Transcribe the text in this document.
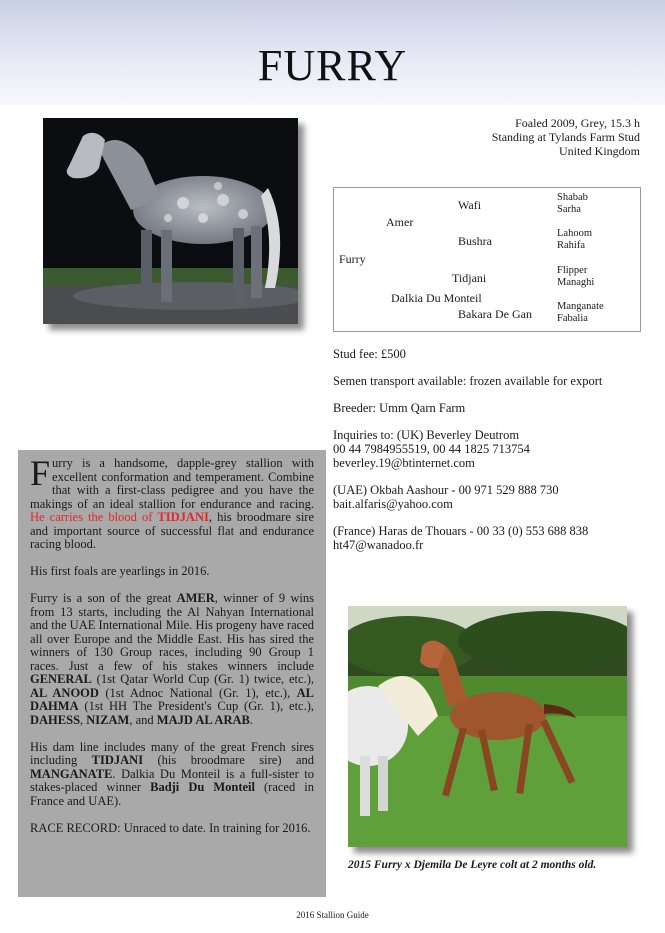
FURRY
Foaled 2009, Grey, 15.3 h
Standing at Tylands Farm Stud
United Kingdom
Furry
Amer
Dalkia Du Monteil
Wafi
Bushra
Tidjani
Bakara De Gan
Shabab
Sarha
Lahoom
Rahifa
Flipper
Managhi
Manganate
Fabalia

Stud fee: £500

Semen transport available: frozen available for export

Breeder: Umm Qarn Farm

Inquiries to: (UK) Beverley Deutrom
00 44 7984955519, 00 44 1825 713754
beverley.19@btinternet.com

(UAE) Okbah Aashour - 00 971 529 888 730
bait.alfaris@yahoo.com

(France) Haras de Thouars - 00 33 (0) 553 688 838
ht47@wanadoo.fr

Furry is a handsome, dapple-grey stallion with excellent conformation and temperament. Combine that with a first-class pedigree and you have the makings of an ideal stallion for endurance and racing. He carries the blood of TIDJANI, his broodmare sire and important source of successful flat and endurance racing blood.

His first foals are yearlings in 2016.

Furry is a son of the great AMER, winner of 9 wins from 13 starts, including the Al Nahyan International and the UAE International Mile. His progeny have raced all over Europe and the Middle East. His has sired the winners of 130 Group races, including 90 Group 1 races. Just a few of his stakes winners include GENERAL (1st Qatar World Cup (Gr. 1) twice, etc.), AL ANOOD (1st Adnoc National (Gr. 1), etc.), AL DAHMA (1st HH The President's Cup (Gr. 1), etc.), DAHESS, NIZAM, and MAJD AL ARAB.

His dam line includes many of the great French sires including TIDJANI (his broodmare sire) and MANGANATE. Dalkia Du Monteil is a full-sister to stakes-placed winner Badji Du Monteil (raced in France and UAE).

RACE RECORD: Unraced to date. In training for 2016.

2015 Furry x Djemila De Leyre colt at 2 months old.
2016 Stallion Guide
